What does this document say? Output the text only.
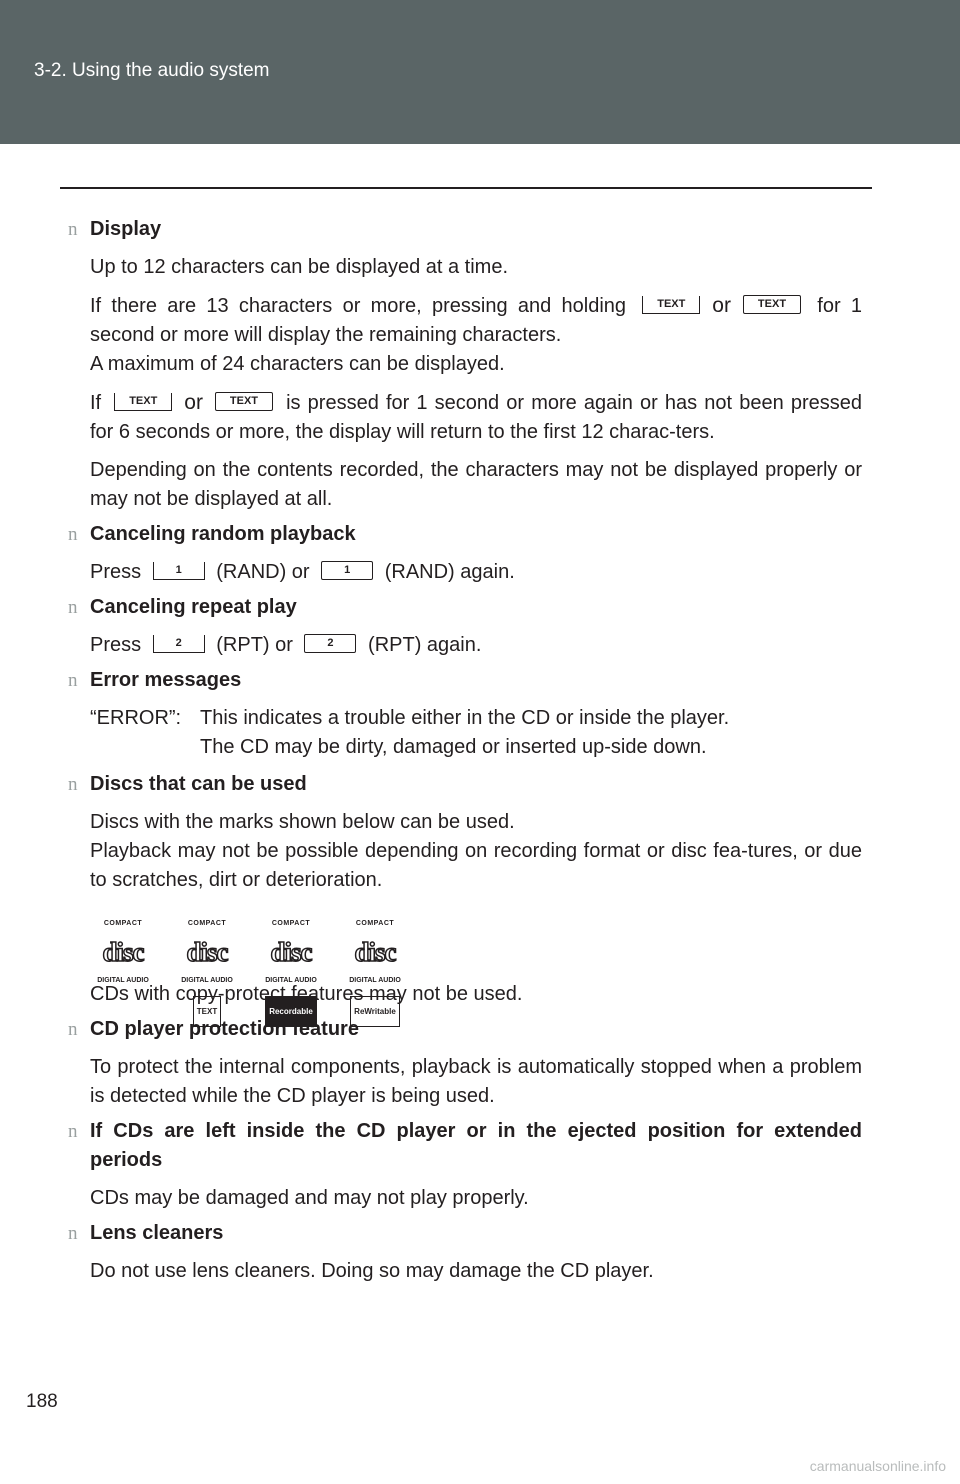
3-2. Using the audio system
n Display
Up to 12 characters can be displayed at a time.
If there are 13 characters or more, pressing and holding	TEXT or TEXT for 1 second or more will display the remaining characters.
A maximum of 24 characters can be displayed.
If	TEXT or TEXT is pressed for 1 second or more again or has not been pressed for 6 seconds or more, the display will return to the first 12 charac-ters.
Depending on the contents recorded, the characters may not be displayed properly or may not be displayed at all.
n Canceling random playback
Press	1 (RAND) or	1 (RAND) again.
n Canceling repeat play
Press	2 (RPT) or	2 (RPT) again.
n Error messages
“ERROR”: This indicates a trouble either in the CD or inside the player.
The CD may be dirty, damaged or inserted up-side down.
n Discs that can be used
Discs with the marks shown below can be used.
Playback may not be possible depending on recording format or disc fea-tures, or due to scratches, dirt or deterioration.
COMPACT
disc
DIGITAL AUDIO
COMPACT
disc
DIGITAL AUDIO
TEXT
COMPACT
disc
DIGITAL AUDIO
Recordable
COMPACT
disc
DIGITAL AUDIO
ReWritable
CDs with copy-protect features may not be used.
n CD player protection feature
To protect the internal components, playback is automatically stopped when a problem is detected while the CD player is being used.
n If CDs are left inside the CD player or in the ejected position for extended periods
CDs may be damaged and may not play properly.
n Lens cleaners
Do not use lens cleaners. Doing so may damage the CD player.
188
carmanualsonline.info
